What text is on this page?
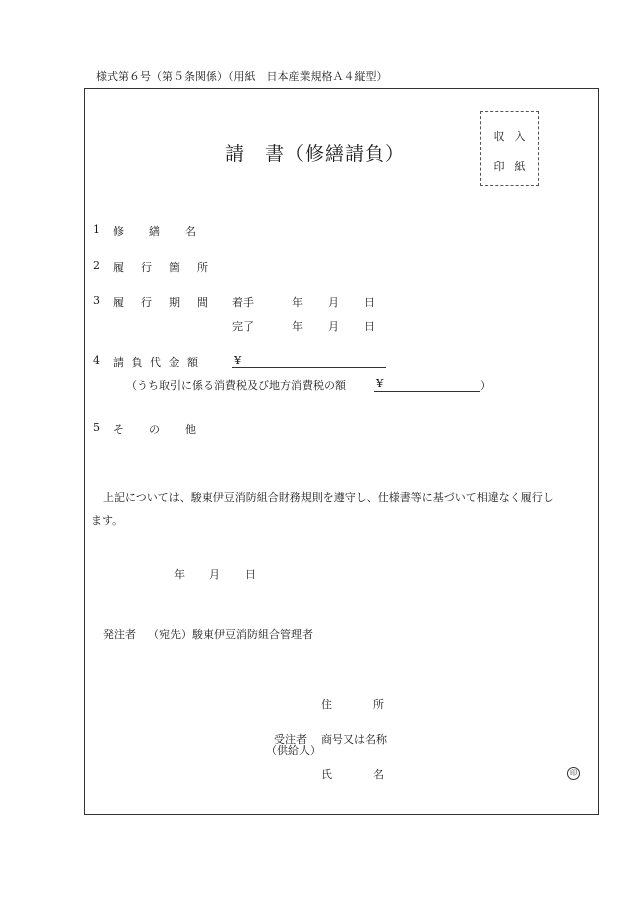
様式第６号（第５条関係）（用紙　日本産業規格Ａ４縦型）
請　書（修繕請負）
収入
印紙
1 修　　繕　　名
2 履　行　箇　所
3 履　行　期　間 着手	年 月 日
完了	年 月 日
4 請 負 代 金 額	¥
（うち取引に係る消費税及び地方消費税の額	¥	）
5 そ　　の　　他
上記については、駿東伊豆消防組合財務規則を遵守し、仕様書等に基づいて相違なく履行し
ます。
年 月 日
発注者 （宛先）駿東伊豆消防組合管理者
住　　　所
受注者
（供給人）
商号又は名称
氏　　　名	印
